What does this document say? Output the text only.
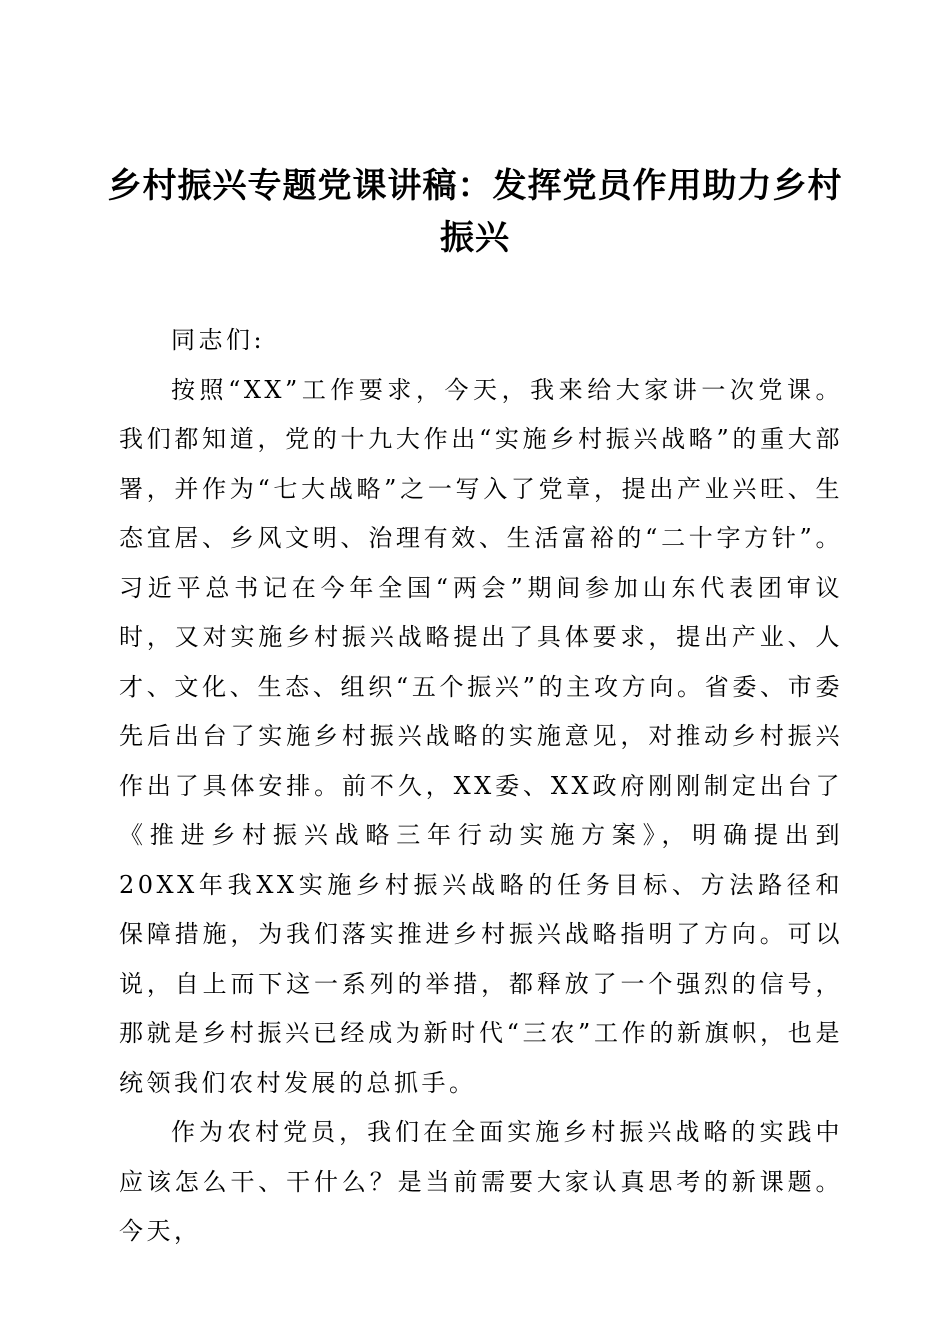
乡村振兴专题党课讲稿：发挥党员作用助力乡村振兴

同志们:

按照“XX”工作要求，今天，我来给大家讲一次党课。我们都知道，党的十九大作出“实施乡村振兴战略”的重大部署，并作为“七大战略”之一写入了党章，提出产业兴旺、生态宜居、乡风文明、治理有效、生活富裕的“二十字方针”。习近平总书记在今年全国“两会”期间参加山东代表团审议时，又对实施乡村振兴战略提出了具体要求，提出产业、人才、文化、生态、组织“五个振兴”的主攻方向。省委、市委先后出台了实施乡村振兴战略的实施意见，对推动乡村振兴作出了具体安排。前不久，XX委、XX政府刚刚制定出台了《推进乡村振兴战略三年行动实施方案》，明确提出到20XX年我XX实施乡村振兴战略的任务目标、方法路径和保障措施，为我们落实推进乡村振兴战略指明了方向。可以说，自上而下这一系列的举措，都释放了一个强烈的信号，那就是乡村振兴已经成为新时代“三农”工作的新旗帜，也是统领我们农村发展的总抓手。

作为农村党员，我们在全面实施乡村振兴战略的实践中应该怎么干、干什么？是当前需要大家认真思考的新课题。今天，
